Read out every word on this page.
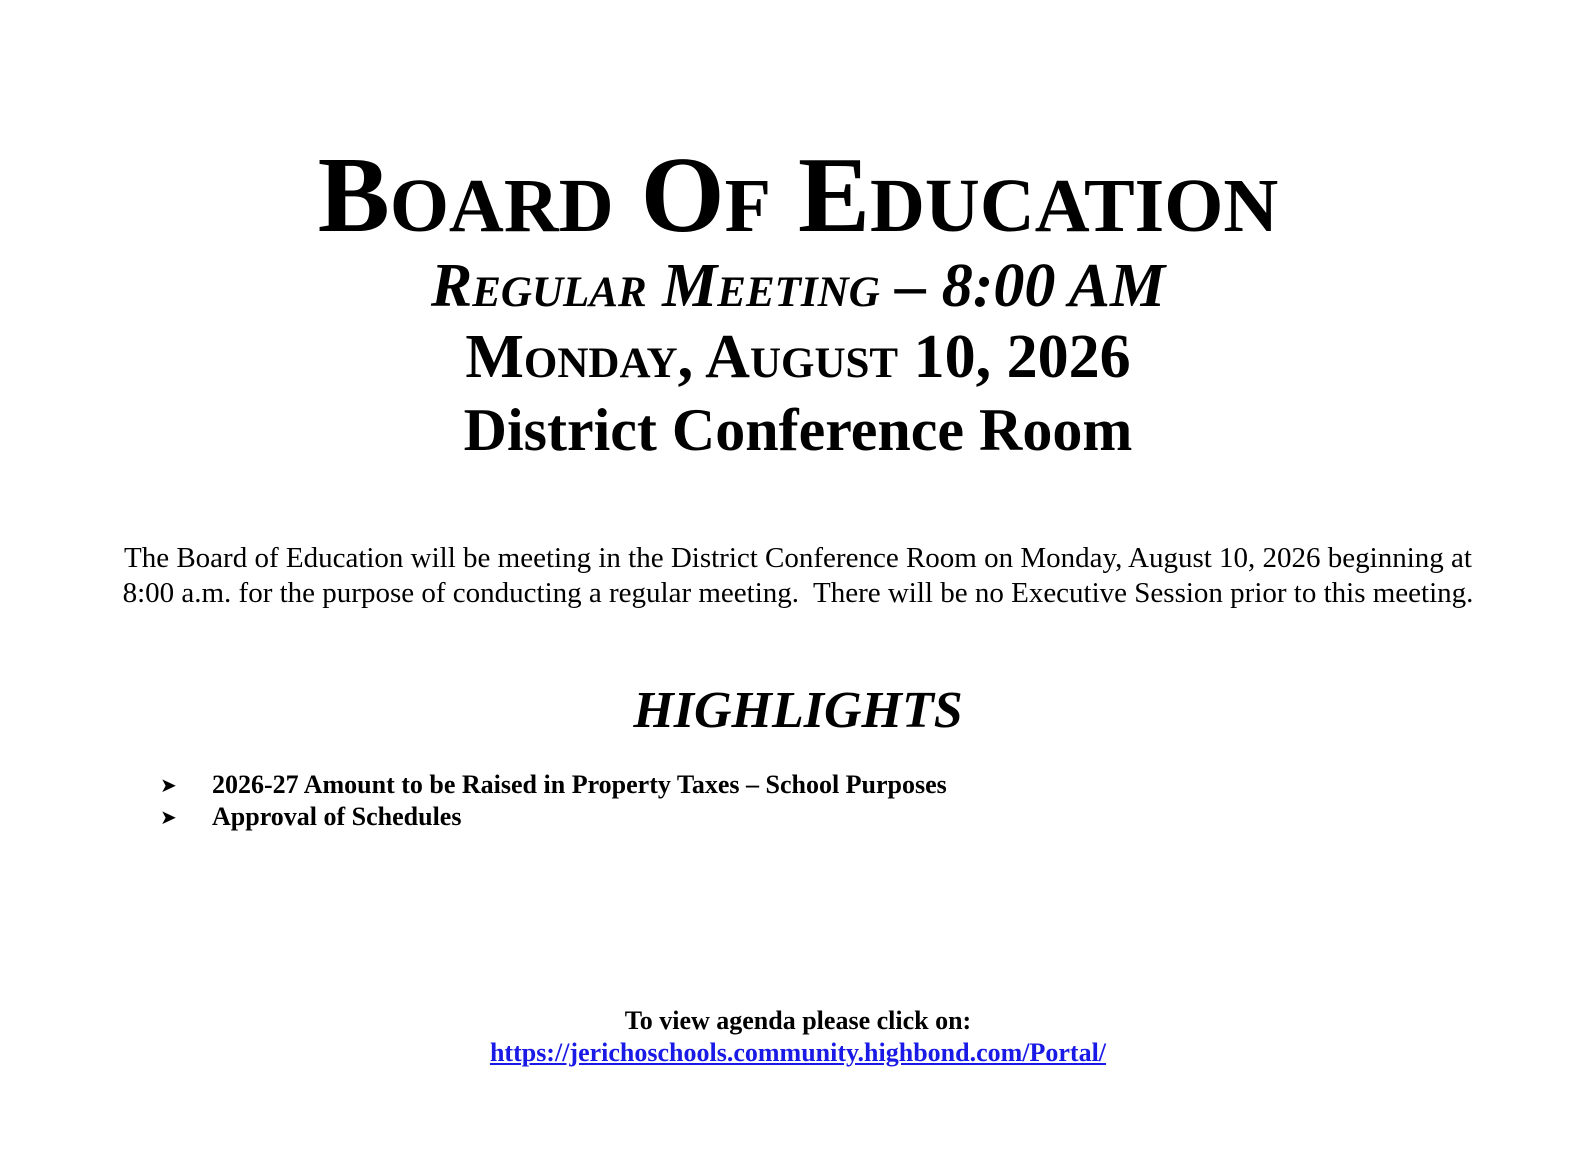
Board Of Education
Regular Meeting – 8:00 AM
Monday, August 10, 2026
District Conference Room
The Board of Education will be meeting in the District Conference Room on Monday, August 10, 2026 beginning at
8:00 a.m. for the purpose of conducting a regular meeting.  There will be no Executive Session prior to this meeting.
HIGHLIGHTS
➤	2026-27 Amount to be Raised in Property Taxes – School Purposes
➤	Approval of Schedules
To view agenda please click on:
https://jerichoschools.community.highbond.com/Portal/
